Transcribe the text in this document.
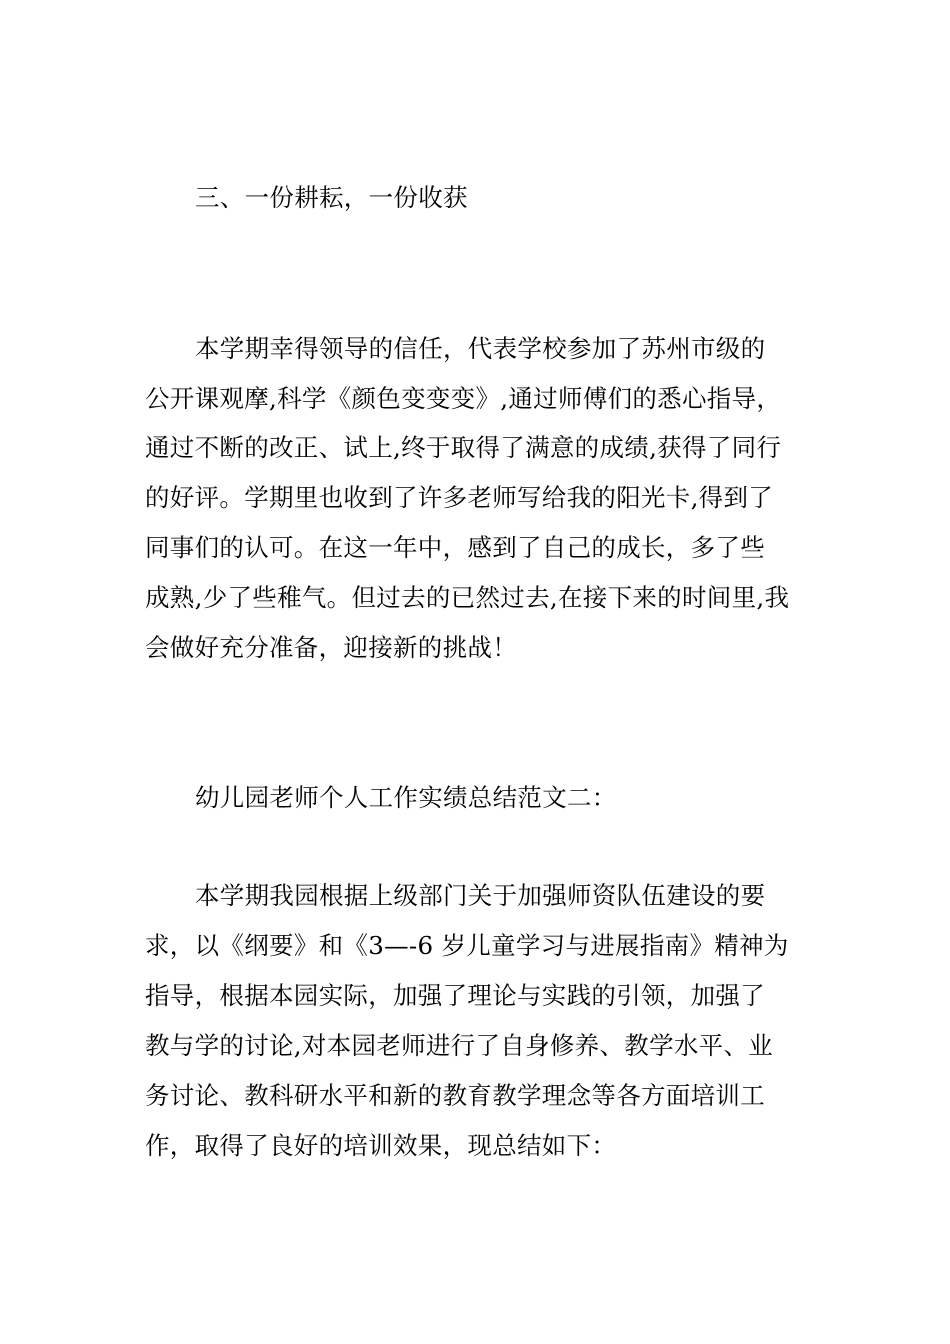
三、一份耕耘，一份收获
本学期幸得领导的信任，代表学校参加了苏州市级的
公开课观摩,科学《颜色变变变》,通过师傅们的悉心指导，
通过不断的改正、试上,终于取得了满意的成绩,获得了同行
的好评。学期里也收到了许多老师写给我的阳光卡,得到了
同事们的认可。在这一年中，感到了自己的成长，多了些
成熟,少了些稚气。但过去的已然过去,在接下来的时间里,我
会做好充分准备，迎接新的挑战！
幼儿园老师个人工作实绩总结范文二：
本学期我园根据上级部门关于加强师资队伍建设的要
求，以《纲要》和《3—-6 岁儿童学习与进展指南》精神为
指导，根据本园实际，加强了理论与实践的引领，加强了
教与学的讨论,对本园老师进行了自身修养、教学水平、业
务讨论、教科研水平和新的教育教学理念等各方面培训工
作，取得了良好的培训效果，现总结如下：
